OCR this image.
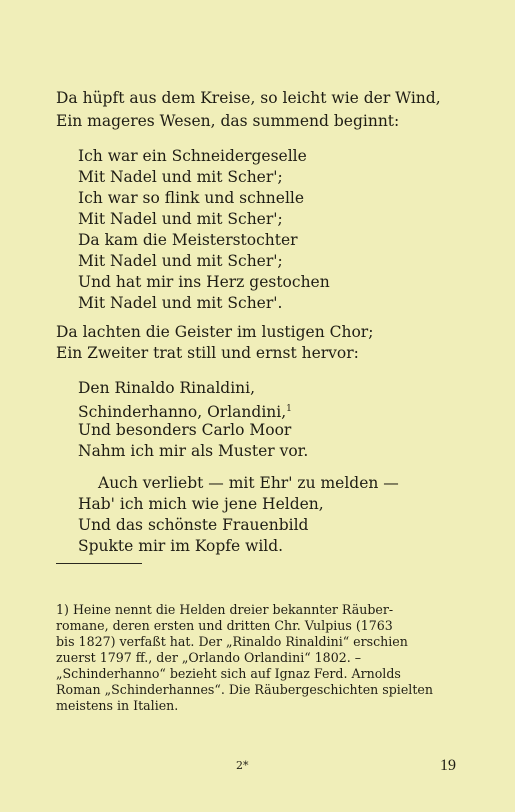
Da hüpft aus dem Kreise, so leicht wie der Wind,
Ein mageres Wesen, das summend beginnt:
Ich war ein Schneidergeselle
Mit Nadel und mit Scher';
Ich war so flink und schnelle
Mit Nadel und mit Scher';
Da kam die Meisterstochter
Mit Nadel und mit Scher';
Und hat mir ins Herz gestochen
Mit Nadel und mit Scher'.
Da lachten die Geister im lustigen Chor;
Ein Zweiter trat still und ernst hervor:
Den Rinaldo Rinaldini,
Schinderhanno, Orlandini,$^1$
Und besonders Carlo Moor
Nahm ich mir als Muster vor.
Auch verliebt — mit Ehr' zu melden —
Hab' ich mich wie jene Helden,
Und das schönste Frauenbild
Spukte mir im Kopfe wild.
1) Heine nennt die Helden dreier bekannter Räuber-
romane, deren ersten und dritten Chr. Vulpius (1763
bis 1827) verfaßt hat. Der „Rinaldo Rinaldini“ erschien
zuerst 1797 ff., der „Orlando Orlandini“ 1802. –
„Schinderhanno“ bezieht sich auf Ignaz Ferd. Arnolds
Roman „Schinderhannes“. Die Räubergeschichten spielten
meistens in Italien.
2*	19
